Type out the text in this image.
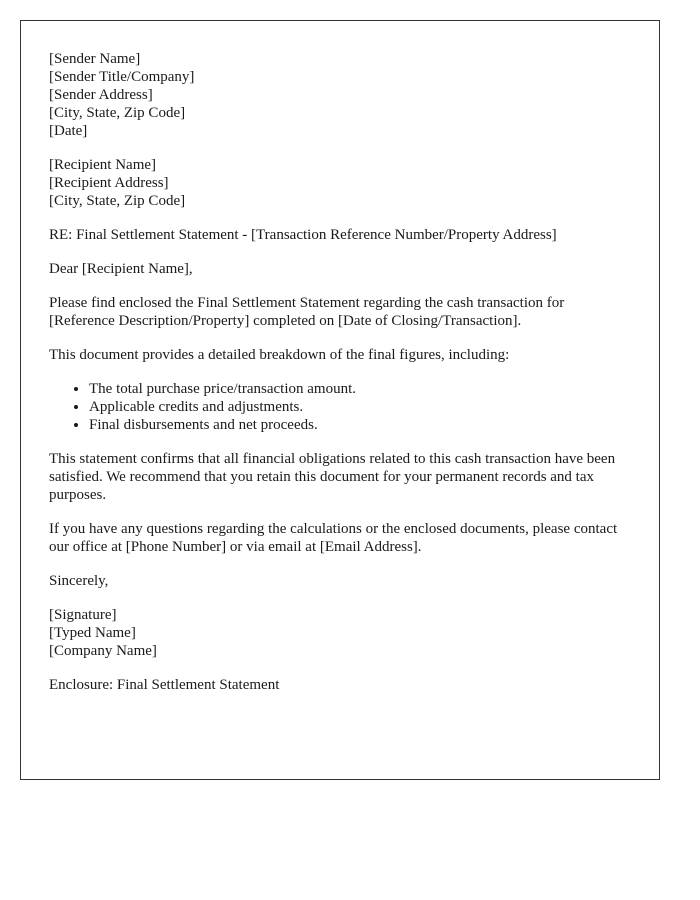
[Sender Name]
[Sender Title/Company]
[Sender Address]
[City, State, Zip Code]
[Date]
[Recipient Name]
[Recipient Address]
[City, State, Zip Code]

RE: Final Settlement Statement - [Transaction Reference Number/Property Address]

Dear [Recipient Name],

Please find enclosed the Final Settlement Statement regarding the cash transaction for [Reference Description/Property] completed on [Date of Closing/Transaction].

This document provides a detailed breakdown of the final figures, including:

• The total purchase price/transaction amount.
• Applicable credits and adjustments.
• Final disbursements and net proceeds.

This statement confirms that all financial obligations related to this cash transaction have been satisfied. We recommend that you retain this document for your permanent records and tax purposes.

If you have any questions regarding the calculations or the enclosed documents, please contact our office at [Phone Number] or via email at [Email Address].

Sincerely,

[Signature]
[Typed Name]
[Company Name]

Enclosure: Final Settlement Statement
